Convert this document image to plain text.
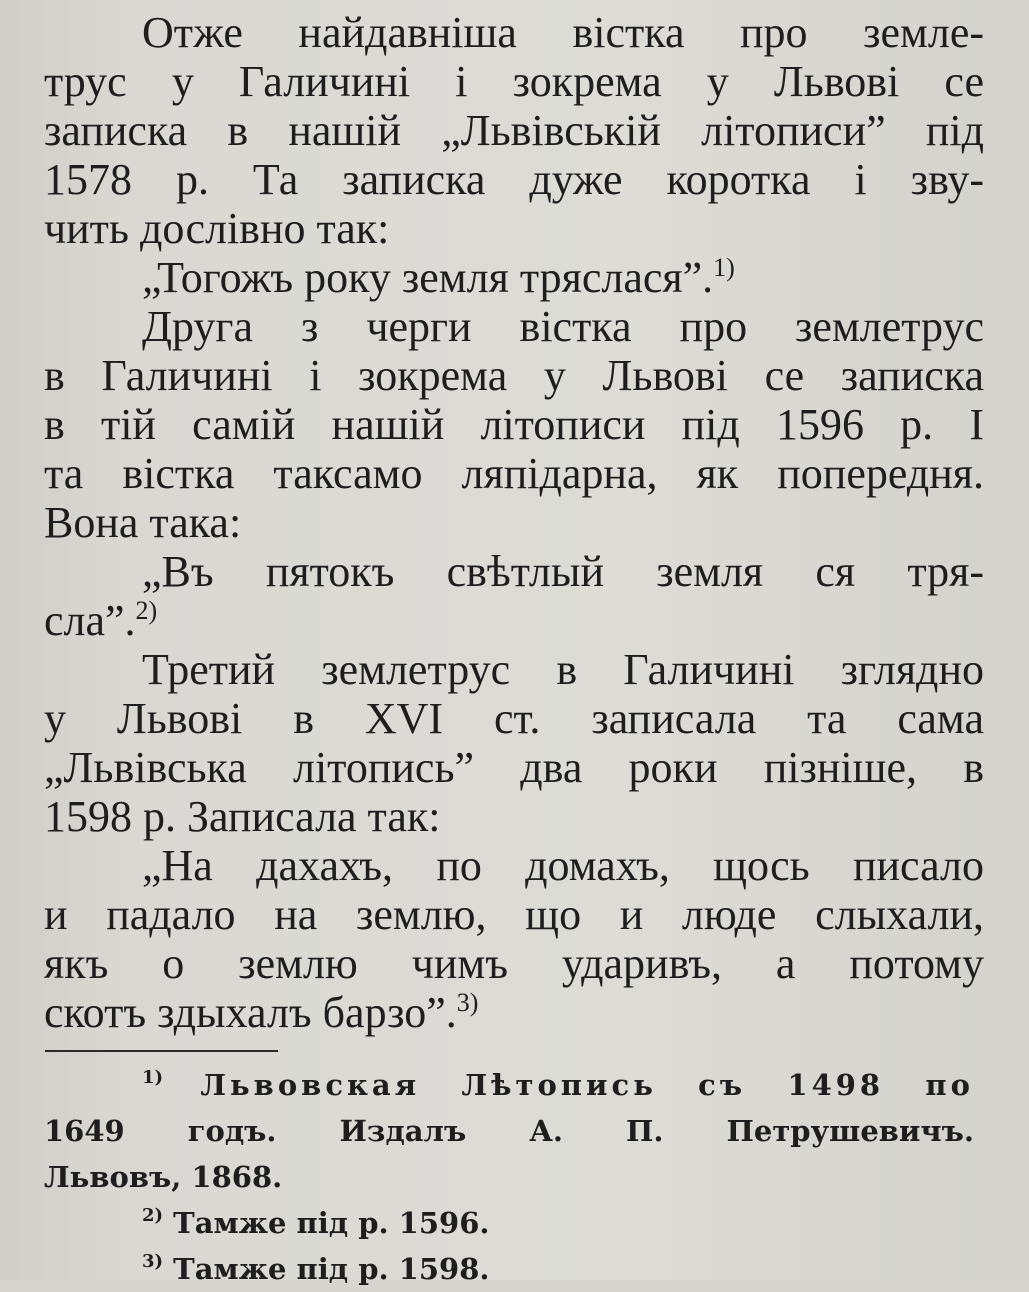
Отже найдавніша вістка про земле-
трус у Галичині і зокрема у Львові се
записка в нашій „Львівській літописи” під
1578 р. Та записка дуже коротка і зву-
чить дослівно так:
„Тогожъ року земля трясласяˮ.$^{1)}$
Друга з черги вістка про землетрус
в Галичині і зокрема у Львові се записка
в тій самій нашій літописи під 1596 р. І
та вістка таксамо ляпідарна, як попередня.
Вона така:
„Въ пятокъ свѣтлый земля ся тря-
сла”.$^{2)}$
Третий землетрус в Галичині зглядно
у Львові в XVI ст. записала та сама
„Львівська літопись” два роки пізніше, в
1598 р. Записала так:
„На дахахъ, по домахъ, щось писало
и падало на землю, що и люде слыхали,
якъ о землю чимъ ударивъ, а потому
скотъ здыхалъ барзо”.$^{3)}$
$^{1)}$ Львовская Лѣтопись съ 1498 по
1649 годъ. Издалъ А. П. Петрушевичъ.
Львовъ, 1868.
$^{2)}$ Тамже під р. 1596.
$^{3)}$ Тамже під р. 1598.
